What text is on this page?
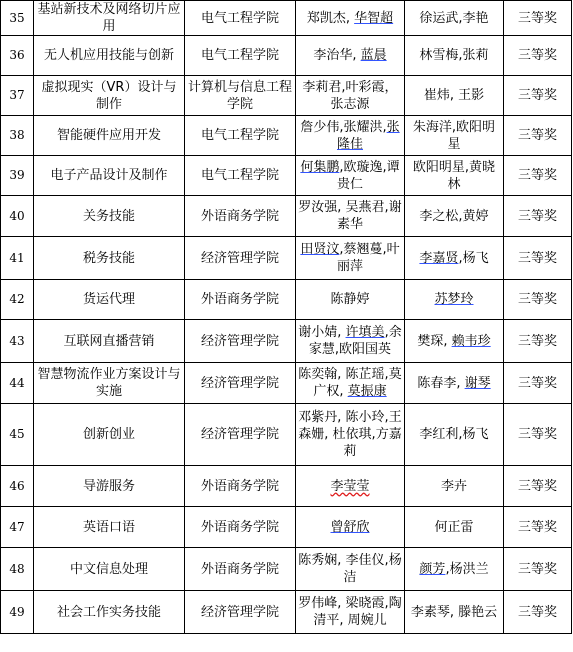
35	基站新技术及网络切片应用	电气工程学院	郑凯杰, 华智超	徐运武,李艳	三等奖
36	无人机应用技能与创新	电气工程学院	李治华, 蓝晨	林雪梅,张莉	三等奖
37	虚拟现实（VR）设计与制作	计算机与信息工程学院	李莉君,叶彩霞，张志源	崔炜, 王影	三等奖
38	智能硬件应用开发	电气工程学院	詹少伟,张耀洪,张隆佳	朱海洋,欧阳明星	三等奖
39	电子产品设计及制作	电气工程学院	何集鹏,欧璇逸,谭贵仁	欧阳明星,黄晓林	三等奖
40	关务技能	外语商务学院	罗汝强, 吴燕君,谢素华	李之松,黄婷	三等奖
41	税务技能	经济管理学院	田贤汶,蔡翘蔓,叶丽萍	李嘉贤,杨飞	三等奖
42	货运代理	外语商务学院	陈静婷	苏梦玲	三等奖
43	互联网直播营销	经济管理学院	谢小婧, 许填美,余家慧,欧阳国英	樊琛, 赖韦珍	三等奖
44	智慧物流作业方案设计与实施	经济管理学院	陈奕翰, 陈芷瑶,莫广权, 莫振康	陈春李, 谢琴	三等奖
45	创新创业	经济管理学院	邓紫丹, 陈小玲,王森姗, 杜依琪,方嘉莉	李红利,杨飞	三等奖
46	导游服务	外语商务学院	李莹莹	李卉	三等奖
47	英语口语	外语商务学院	曾舒欣	何正雷	三等奖
48	中文信息处理	外语商务学院	陈秀娴, 李佳仪,杨洁	颜芳,杨洪兰	三等奖
49	社会工作实务技能	经济管理学院	罗伟峰, 梁晓霞,陶清平, 周婉儿	李素琴, 滕艳云	三等奖
